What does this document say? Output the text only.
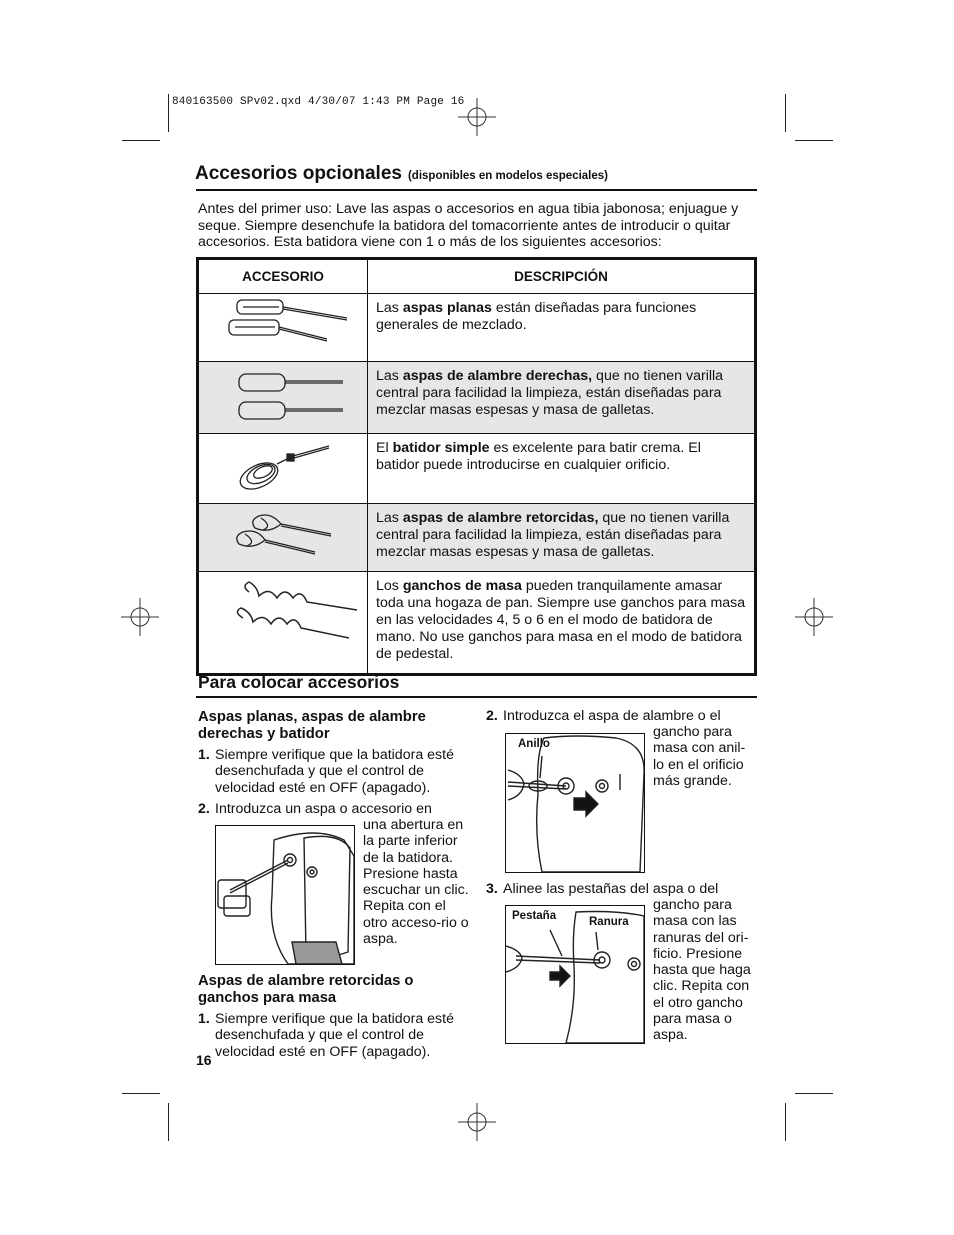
840163500 SPv02.qxd 4/30/07 1:43 PM Page 16
Accesorios opcionales (disponibles en modelos especiales)
Antes del primer uso: Lave las aspas o accesorios en agua tibia jabonosa; enjuague y seque. Siempre desenchufe la batidora del tomacorriente antes de introducir o quitar accesorios. Esta batidora viene con 1 o más de los siguientes accesorios:
ACCESORIO	DESCRIPCIÓN
	Las aspas planas están diseñadas para funciones generales de mezclado.
	Las aspas de alambre derechas, que no tienen varilla central para facilidad la limpieza, están diseñadas para mezclar masas espesas y masa de galletas.
	El batidor simple es excelente para batir crema. El batidor puede introducirse en cualquier orificio.
	Las aspas de alambre retorcidas, que no tienen varilla central para facilidad la limpieza, están diseñadas para mezclar masas espesas y masa de galletas.
	Los ganchos de masa pueden tranquilamente amasar toda una hogaza de pan. Siempre use ganchos para masa en las velocidades 4, 5 o 6 en el modo de batidora de mano. No use ganchos para masa en el modo de batidora de pedestal.
Para colocar accesorios
Aspas planas, aspas de alambre derechas y batidor
1. Siempre verifique que la batidora esté desenchufada y que el control de velocidad esté en OFF (apagado).
2. Introduzca un aspa o accesorio en
una abertura en la parte inferior de la batidora. Presione hasta escuchar un clic. Repita con el otro acceso-rio o aspa.
Aspas de alambre retorcidas o ganchos para masa
1. Siempre verifique que la batidora esté desenchufada y que el control de velocidad esté en OFF (apagado).
16
2. Introduzca el aspa de alambre o el
gancho para masa con anil-lo en el orificio más grande.
Anillo
3. Alinee las pestañas del aspa o del
gancho para masa con las ranuras del ori-ficio. Presione hasta que haga clic. Repita con el otro gancho para masa o aspa.
Pestaña	Ranura
